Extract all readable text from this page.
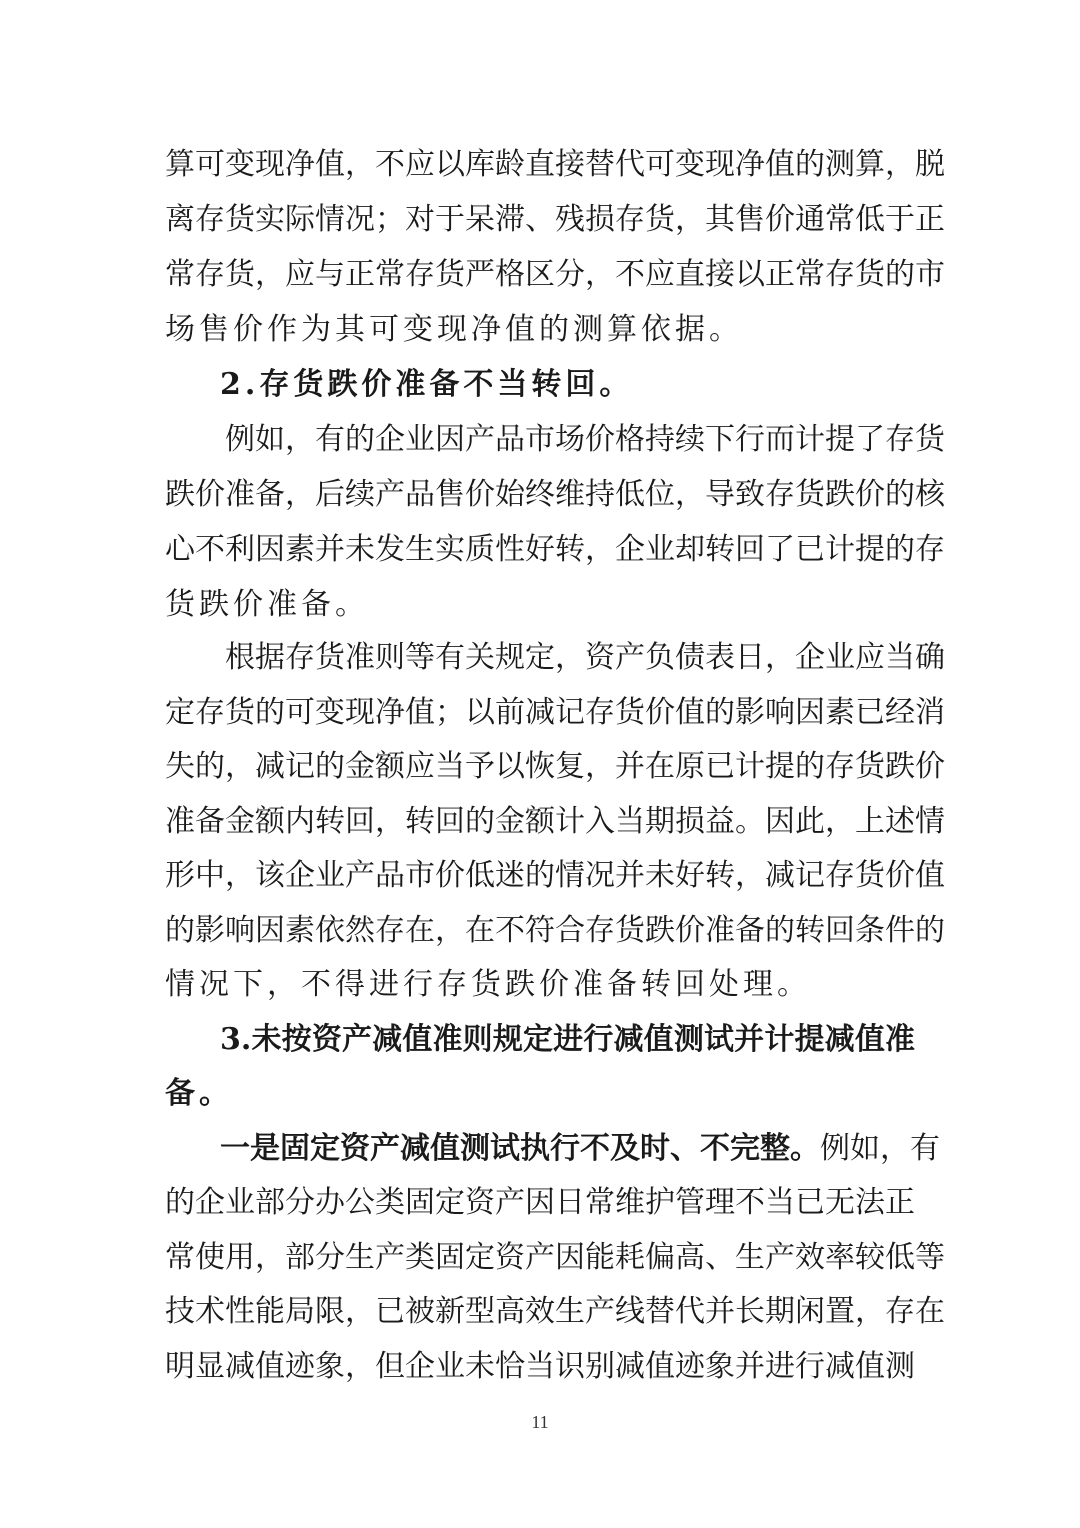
算可变现净值，不应以库龄直接替代可变现净值的测算，脱
离存货实际情况；对于呆滞、残损存货，其售价通常低于正
常存货，应与正常存货严格区分，不应直接以正常存货的市
场售价作为其可变现净值的测算依据。
2.存货跌价准备不当转回。
例如，有的企业因产品市场价格持续下行而计提了存货
跌价准备，后续产品售价始终维持低位，导致存货跌价的核
心不利因素并未发生实质性好转，企业却转回了已计提的存
货跌价准备。
根据存货准则等有关规定，资产负债表日，企业应当确
定存货的可变现净值；以前减记存货价值的影响因素已经消
失的，减记的金额应当予以恢复，并在原已计提的存货跌价
准备金额内转回，转回的金额计入当期损益。因此，上述情
形中，该企业产品市价低迷的情况并未好转，减记存货价值
的影响因素依然存在，在不符合存货跌价准备的转回条件的
情况下，不得进行存货跌价准备转回处理。
3.未按资产减值准则规定进行减值测试并计提减值准
备。
一是固定资产减值测试执行不及时、不完整。例如，有
的企业部分办公类固定资产因日常维护管理不当已无法正
常使用，部分生产类固定资产因能耗偏高、生产效率较低等
技术性能局限，已被新型高效生产线替代并长期闲置，存在
明显减值迹象，但企业未恰当识别减值迹象并进行减值测
11
